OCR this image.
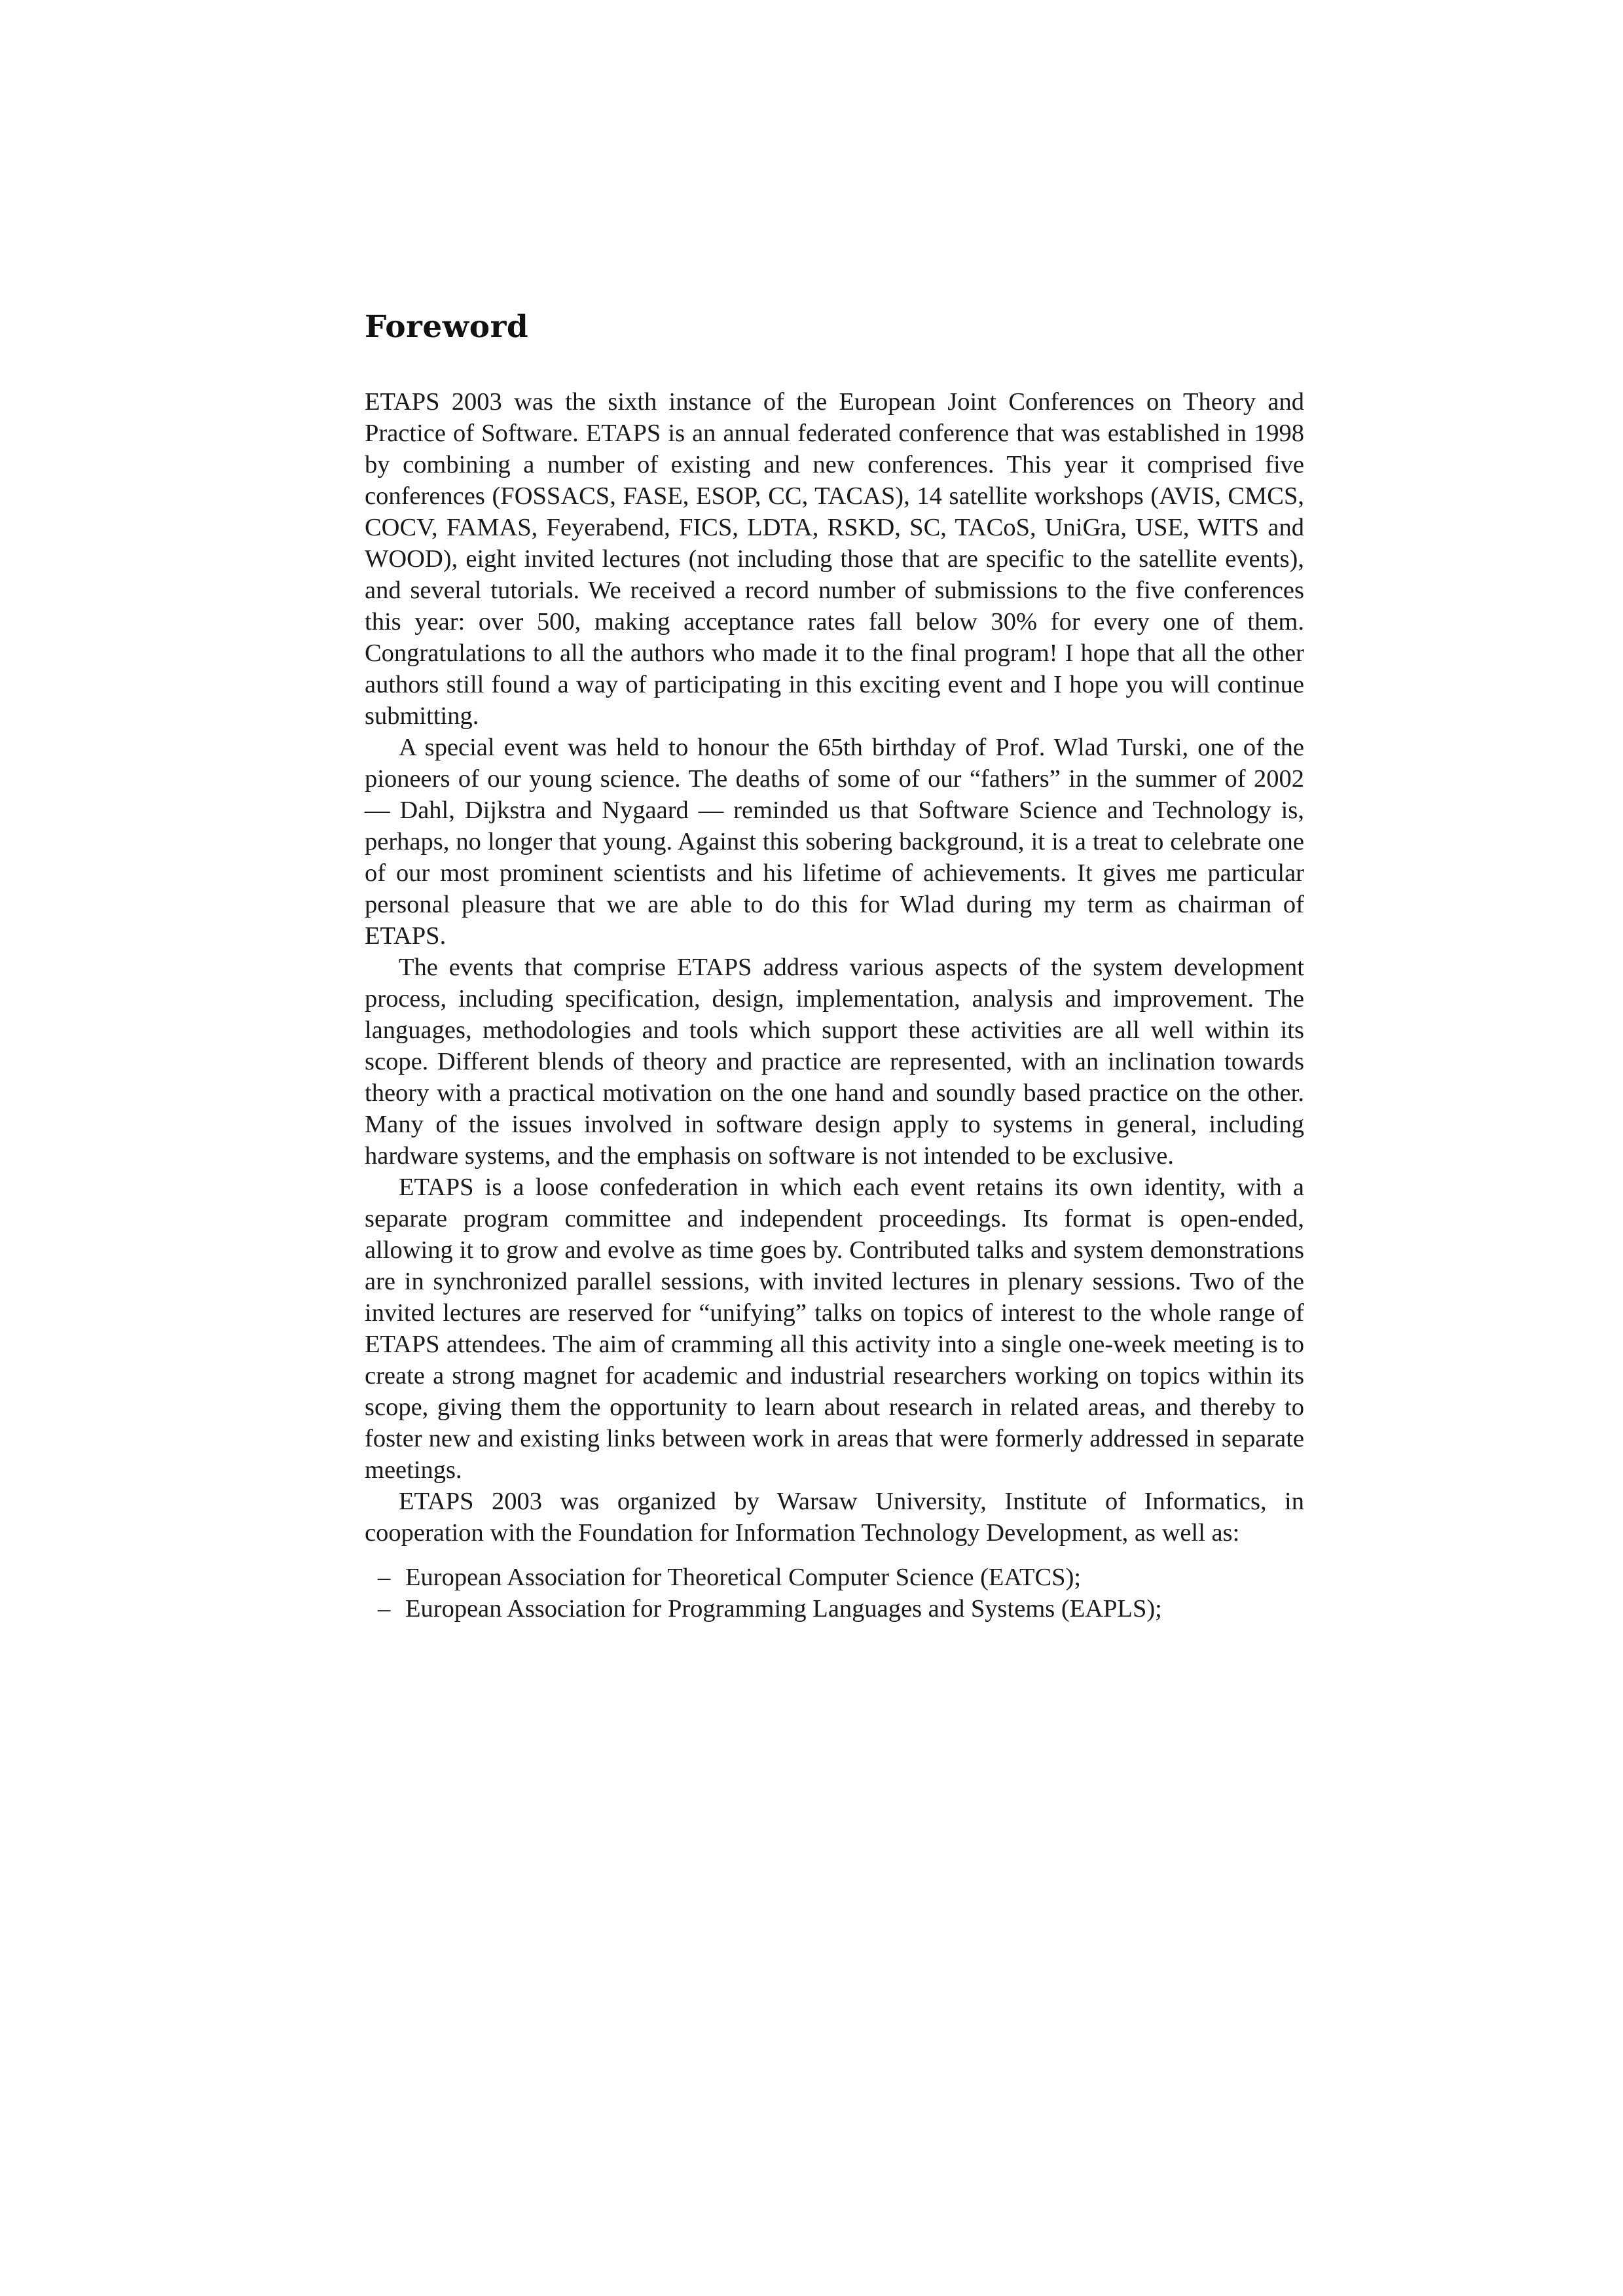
Foreword

ETAPS 2003 was the sixth instance of the European Joint Conferences on Theory and Practice of Software. ETAPS is an annual federated conference that was established in 1998 by combining a number of existing and new conferences. This year it comprised five conferences (FOSSACS, FASE, ESOP, CC, TACAS), 14 satellite workshops (AVIS, CMCS, COCV, FAMAS, Feyerabend, FICS, LDTA, RSKD, SC, TACoS, UniGra, USE, WITS and WOOD), eight invited lectures (not including those that are specific to the satellite events), and several tutorials. We received a record number of submissions to the five conferences this year: over 500, making acceptance rates fall below 30% for every one of them. Congratulations to all the authors who made it to the final program! I hope that all the other authors still found a way of participating in this exciting event and I hope you will continue submitting.

A special event was held to honour the 65th birthday of Prof. Wlad Turski, one of the pioneers of our young science. The deaths of some of our “fathers” in the summer of 2002 — Dahl, Dijkstra and Nygaard — reminded us that Software Science and Technology is, perhaps, no longer that young. Against this sobering background, it is a treat to celebrate one of our most prominent scientists and his lifetime of achievements. It gives me particular personal pleasure that we are able to do this for Wlad during my term as chairman of ETAPS.

The events that comprise ETAPS address various aspects of the system development process, including specification, design, implementation, analysis and improvement. The languages, methodologies and tools which support these activities are all well within its scope. Different blends of theory and practice are represented, with an inclination towards theory with a practical motivation on the one hand and soundly based practice on the other. Many of the issues involved in software design apply to systems in general, including hardware systems, and the emphasis on software is not intended to be exclusive.

ETAPS is a loose confederation in which each event retains its own identity, with a separate program committee and independent proceedings. Its format is open-ended, allowing it to grow and evolve as time goes by. Contributed talks and system demonstrations are in synchronized parallel sessions, with invited lectures in plenary sessions. Two of the invited lectures are reserved for “unifying” talks on topics of interest to the whole range of ETAPS attendees. The aim of cramming all this activity into a single one-week meeting is to create a strong magnet for academic and industrial researchers working on topics within its scope, giving them the opportunity to learn about research in related areas, and thereby to foster new and existing links between work in areas that were formerly addressed in separate meetings.

ETAPS 2003 was organized by Warsaw University, Institute of Informatics, in cooperation with the Foundation for Information Technology Development, as well as:

– European Association for Theoretical Computer Science (EATCS);
– European Association for Programming Languages and Systems (EAPLS);
